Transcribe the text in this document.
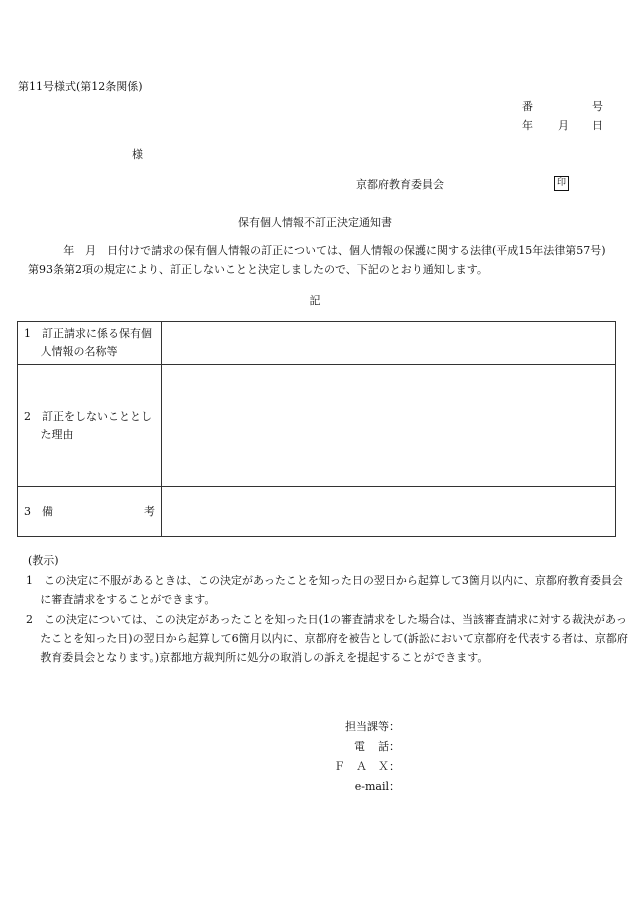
第11号様式(第12条関係)
番	号
年 月 日
様
京都府教育委員会	印
保有個人情報不訂正決定通知書
年　月　日付けで請求の保有個人情報の訂正については、個人情報の保護に関する法律(平成15年法律第57号)第93条第2項の規定により、訂正しないことと決定しましたので、下記のとおり通知します。
記
1　訂正請求に係る保有個人情報の名称等	

2　訂正をしないこととした理由	

3　備 考	

(教示)
1　この決定に不服があるときは、この決定があったことを知った日の翌日から起算して3箇月以内に、京都府教育委員会に審査請求をすることができます。
2　この決定については、この決定があったことを知った日(1の審査請求をした場合は、当該審査請求に対する裁決があったことを知った日)の翌日から起算して6箇月以内に、京都府を被告として(訴訟において京都府を代表する者は、京都府教育委員会となります。)京都地方裁判所に処分の取消しの訴えを提起することができます。
担当課等：
電 話：
Ｆ　Ａ　Ｘ：
e-mail：
